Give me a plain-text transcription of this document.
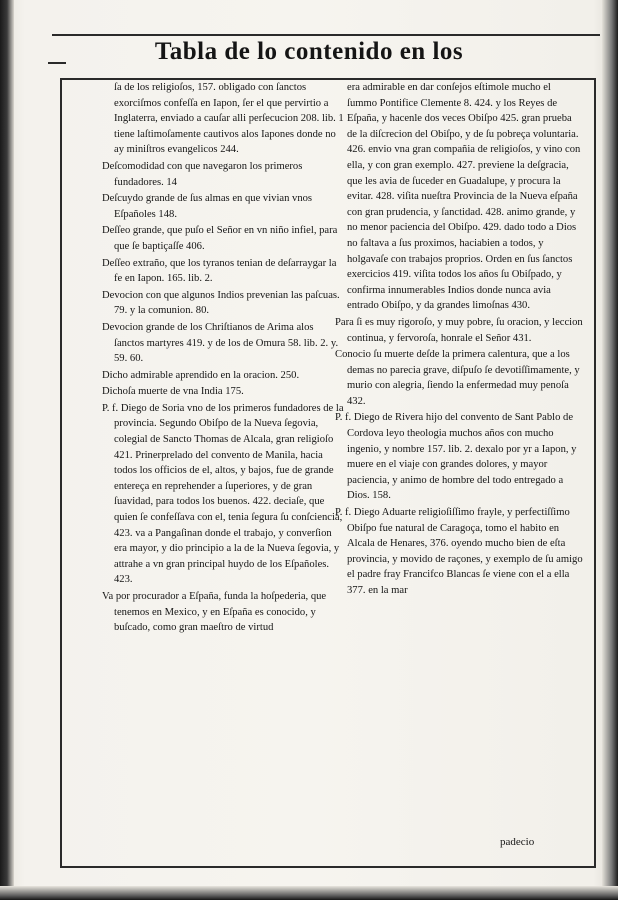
Tabla de lo contenido en los
ſa de los religioſos, 157. obligado con ſanctos exorciſmos confeſſa en Iapon, ſer el que pervirtio a Inglaterra, enviado a cauſar alli perſecucion 208. lib. 1 tiene laſtimoſamente cautivos alos Iapones donde no ay miniſtros evangelicos 244.
Deſcomodidad con que navegaron los primeros fundadores. 14
Deſcuydo grande de ſus almas en que vivian vnos Eſpañoles 148.
Deſſeo grande, que puſo el Señor en vn niño infiel, para que ſe baptiçaſſe 406.
Deſſeo extraño, que los tyranos tenian de deſarraygar la fe en Iapon. 165. lib. 2.
Devocion con que algunos Indios prevenian las paſcuas. 79. y la comunion. 80.
Devocion grande de los Chriſtianos de Arima alos ſanctos martyres 419. y de los de Omura 58. lib. 2. y. 59. 60.
Dicho admirable aprendido en la oracion. 250.
Dichoſa muerte de vna India 175.
P. f. Diego de Soria vno de los primeros fundadores de la provincia. Segundo Obiſpo de la Nueva ſegovia, colegial de Sancto Thomas de Alcala, gran religioſo 421. Prinerprelado del convento de Manila, hacia todos los officios de el, altos, y bajos, fue de grande entereça en reprehender a ſuperiores, y de gran ſuavidad, para todos los buenos. 422. deciaſe, que quien ſe confeſſava con el, tenia ſegura ſu conſciencia, 423. va a Pangaſinan donde el trabajo, y converſion era mayor, y dio principio a la de la Nueva ſegovia, y attrahe a vn gran principal huydo de los Eſpañoles. 423.
Va por procurador a Eſpaña, funda la hoſpederia, que tenemos en Mexico, y en Eſpaña es conocido, y buſcado, como gran maeſtro de virtud
era admirable en dar conſejos eſtimole mucho el ſummo Pontifice Clemente 8. 424. y los Reyes de Eſpaña, y hacenle dos veces Obiſpo 425. gran prueba de la diſcrecion del Obiſpo, y de ſu pobreça voluntaria. 426. envio vna gran compañia de religioſos, y vino con ella, y con gran exemplo. 427. previene la deſgracia, que les avia de ſuceder en Guadalupe, y procura la evitar. 428. viſita nueſtra Provincia de la Nueva eſpaña con gran prudencia, y ſanctidad. 428. animo grande, y no menor paciencia del Obiſpo. 429. dado todo a Dios no faltava a ſus proximos, haciabien a todos, y holgavaſe con trabajos proprios. Orden en ſus ſanctos exercicios 419. viſita todos los años ſu Obiſpado, y confirma innumerables Indios donde nunca avia entrado Obiſpo, y da grandes limoſnas 430.
Para ſi es muy rigoroſo, y muy pobre, ſu oracion, y leccion continua, y fervoroſa, honrale el Señor 431.
Conocio ſu muerte deſde la primera calentura, que a los demas no parecia grave, diſpuſo ſe devotiſſimamente, y murio con alegria, ſiendo la enfermedad muy penoſa 432.
P. f. Diego de Rivera hijo del convento de Sant Pablo de Cordova leyo theologia muchos años con mucho ingenio, y nombre 157. lib. 2. dexalo por yr a Iapon, y muere en el viaje con grandes dolores, y mayor paciencia, y animo de hombre del todo entregado a Dios. 158.
P. f. Diego Aduarte religioſiſſimo frayle, y perfectiſſimo Obiſpo fue natural de Caragoça, tomo el habito en Alcala de Henares, 376. oyendo mucho bien de eſta provincia, y movido de raçones, y exemplo de ſu amigo el padre fray Francifco Blancas ſe viene con el a ella 377. en la mar
padecio
